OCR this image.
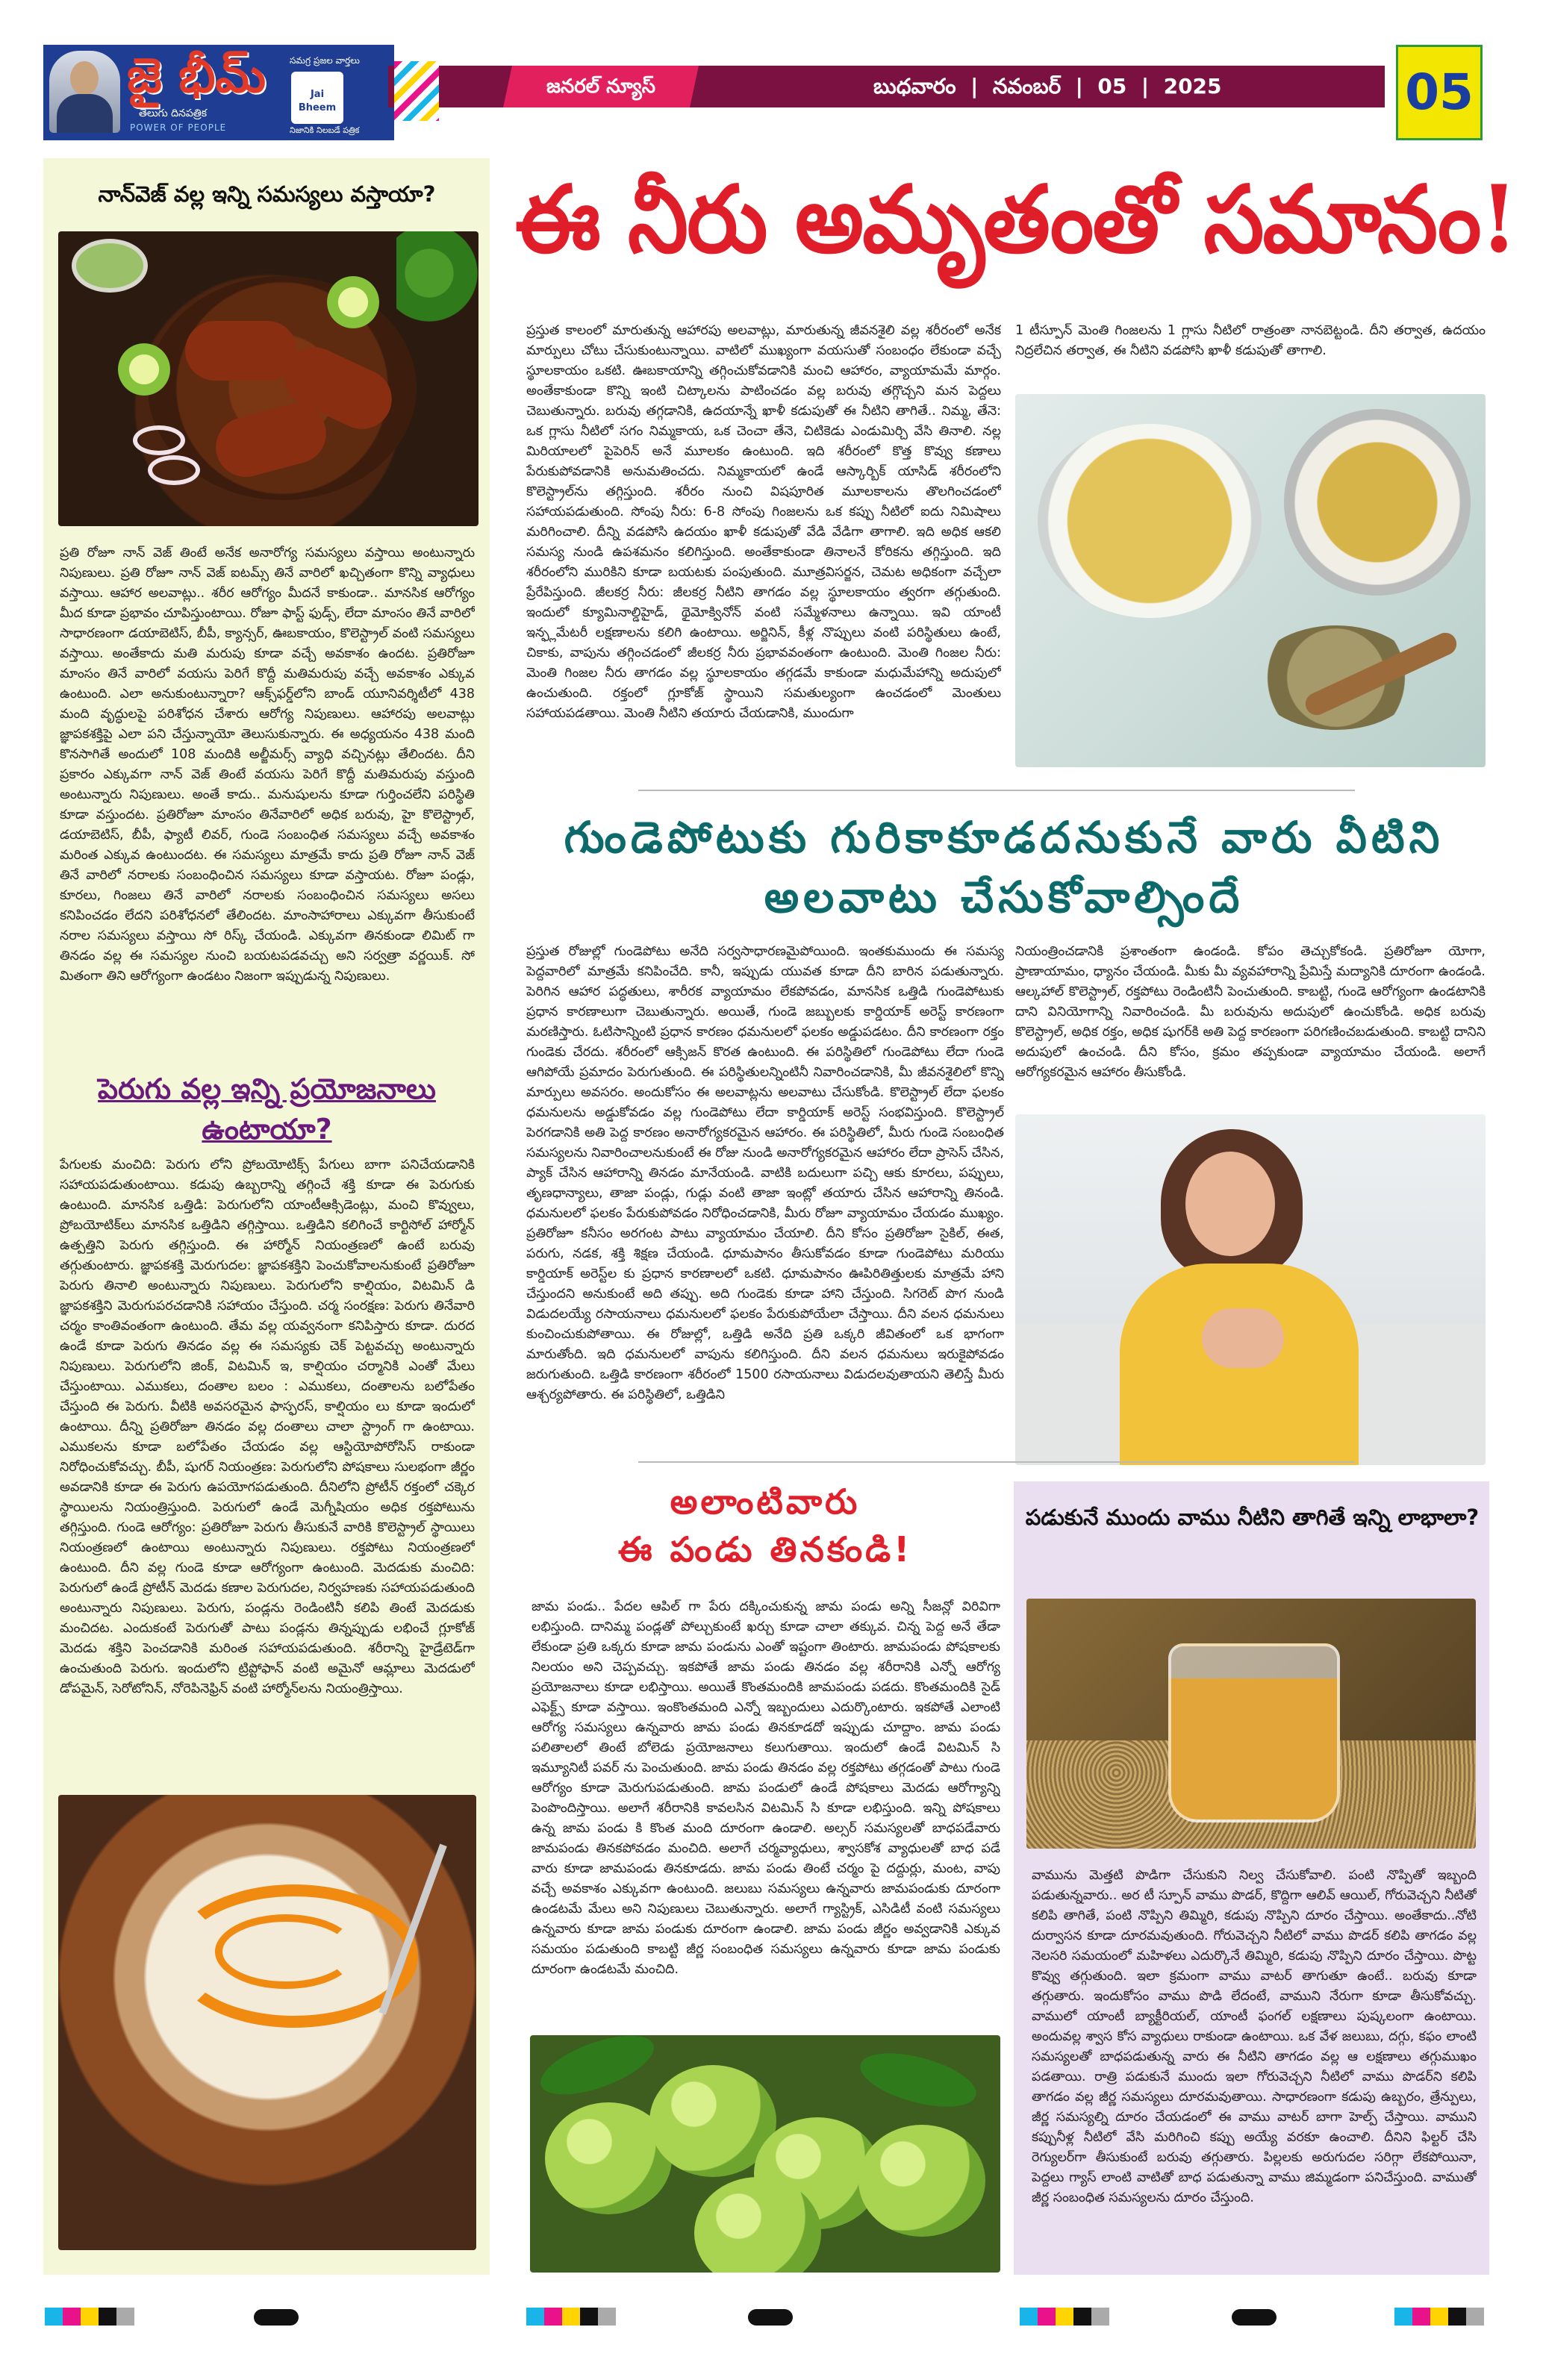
జై భీమ్	Jai Bheem
సమగ్ర ప్రజల వార్తలు
తెలుగు దినపత్రిక
POWER OF PEOPLE	నిజానికి నిలబడే పత్రిక
జనరల్ న్యూస్	బుధవారం  |  నవంబర్  |  05  |  2025	05
నాన్‌వెజ్ వల్ల ఇన్ని సమస్యలు వస్తాయా?

ప్రతి రోజూ నాన్ వెజ్ తింటే అనేక అనారోగ్య సమస్యలు వస్తాయి అంటున్నారు నిపుణులు. ప్రతి రోజూ నాన్ వెజ్ ఐటమ్స్ తినే వారిలో ఖచ్చితంగా కొన్ని వ్యాధులు వస్తాయి. ఆహార అలవాట్లు.. శరీర ఆరోగ్యం మీదనే కాకుండా.. మానసిక ఆరోగ్యం మీద కూడా ప్రభావం చూపిస్తుంటాయి. రోజూ ఫాస్ట్ ఫుడ్స్, లేదా మాంసం తినే వారిలో సాధారణంగా డయాబెటిస్, బీపీ, క్యాన్సర్, ఊబకాయం, కొలెస్ట్రాల్ వంటి సమస్యలు వస్తాయి. అంతేకాదు మతి మరుపు కూడా వచ్చే అవకాశం ఉందట. ప్రతిరోజూ మాంసం తినే వారిలో వయసు పెరిగే కొద్దీ మతిమరుపు వచ్చే అవకాశం ఎక్కువ ఉంటుంది. ఎలా అనుకుంటున్నారా? ఆక్స్‌ఫర్డ్‌లోని బాండ్ యూనివర్శిటీలో 438 మంది వృద్ధులపై పరిశోధన చేశారు ఆరోగ్య నిపుణులు. ఆహారపు అలవాట్లు జ్ఞాపకశక్తిపై ఎలా పని చేస్తున్నాయో తెలుసుకున్నారు. ఈ అధ్యయనం 438 మంది కొనసాగితే అందులో 108 మందికి అల్జీమర్స్ వ్యాధి వచ్చినట్లు తేలిందట. దీని ప్రకారం ఎక్కువగా నాన్ వెజ్ తింటే వయసు పెరిగే కొద్దీ మతిమరుపు వస్తుంది అంటున్నారు నిపుణులు. అంతే కాదు.. మనుషులను కూడా గుర్తించలేని పరిస్థితి కూడా వస్తుందట. ప్రతిరోజూ మాంసం తినేవారిలో అధిక బరువు, హై కొలెస్ట్రాల్, డయాబెటిస్, బీపీ, ఫ్యాటీ లివర్, గుండె సంబంధిత సమస్యలు వచ్చే అవకాశం మరింత ఎక్కువ ఉంటుందట. ఈ సమస్యలు మాత్రమే కాదు ప్రతి రోజూ నాన్ వెజ్ తినే వారిలో నరాలకు సంబంధించిన సమస్యలు కూడా వస్తాయట. రోజూ పండ్లు, కూరలు, గింజలు తినే వారిలో నరాలకు సంబంధించిన సమస్యలు అసలు కనిపించడం లేదని పరిశోధనలో తేలిందట. మాంసాహారాలు ఎక్కువగా తీసుకుంటే నరాల సమస్యలు వస్తాయి సో రిస్క్ చేయండి. ఎక్కువగా తినకుండా లిమిట్ గా తినడం వల్ల ఈ సమస్యల నుంచి బయటపడవచ్చు అని సర్వత్రా వర్ణయిక్. సో మితంగా తిని ఆరోగ్యంగా ఉండటం నిజంగా ఇప్పుడున్న నిపుణులు.

పెరుగు వల్ల ఇన్ని ప్రయోజనాలు ఉంటాయా?

పేగులకు మంచిది: పెరుగు లోని ప్రోబయోటిక్స్ పేగులు బాగా పనిచేయడానికి సహాయపడుతుంటాయి. కడుపు ఉబ్బరాన్ని తగ్గించే శక్తి కూడా ఈ పెరుగుకు ఉంటుంది. మానసిక ఒత్తిడి: పెరుగులోని యాంటీఆక్సిడెంట్లు, మంచి కొవ్వులు, ప్రోబయోటిక్‌లు మానసిక ఒత్తిడిని తగ్గిస్తాయి. ఒత్తిడిని కలిగించే కార్టిసోల్ హార్మోన్ ఉత్పత్తిని పెరుగు తగ్గిస్తుంది. ఈ హార్మోన్ నియంత్రణలో ఉంటే బరువు తగ్గుతుంటారు. జ్ఞాపకశక్తి మెరుగుదల: జ్ఞాపకశక్తిని పెంచుకోవాలనుకుంటే ప్రతిరోజూ పెరుగు తినాలి అంటున్నారు నిపుణులు. పెరుగులోని కాల్షియం, విటమిన్ డి జ్ఞాపకశక్తిని మెరుగుపరచడానికి సహాయం చేస్తుంది. చర్మ సంరక్షణ: పెరుగు తినేవారి చర్మం కాంతివంతంగా ఉంటుంది. తేమ వల్ల యవ్వనంగా కనిపిస్తారు కూడా. దురద ఉండే కూడా పెరుగు తినడం వల్ల ఈ సమస్యకు చెక్ పెట్టవచ్చు అంటున్నారు నిపుణులు. పెరుగులోని జింక్, విటమిన్ ఇ, కాల్షియం చర్మానికి ఎంతో మేలు చేస్తుంటాయి. ఎముకలు, దంతాల బలం : ఎముకలు, దంతాలను బలోపేతం చేస్తుంది ఈ పెరుగు. వీటికి అవసరమైన ఫాస్ఫరస్, కాల్షియం లు కూడా ఇందులో ఉంటాయి. దీన్ని ప్రతిరోజూ తినడం వల్ల దంతాలు చాలా స్ట్రాంగ్ గా ఉంటాయి. ఎముకలను కూడా బలోపేతం చేయడం వల్ల ఆస్టియోపోరోసిస్ రాకుండా నిరోధించుకోవచ్చు. బీపీ, షుగర్ నియంత్రణ: పెరుగులోని పోషకాలు సులభంగా జీర్ణం అవడానికి కూడా ఈ పెరుగు ఉపయోగపడుతుంది. దీనిలోని ప్రోటీన్ రక్తంలో చక్కెర స్థాయిలను నియంత్రిస్తుంది. పెరుగులో ఉండే మెగ్నీషియం అధిక రక్తపోటును తగ్గిస్తుంది. గుండె ఆరోగ్యం: ప్రతిరోజూ పెరుగు తీసుకునే వారికి కొలెస్ట్రాల్ స్థాయిలు నియంత్రణలో ఉంటాయి అంటున్నారు నిపుణులు. రక్తపోటు నియంత్రణలో ఉంటుంది. దీని వల్ల గుండె కూడా ఆరోగ్యంగా ఉంటుంది. మెదడుకు మంచిది: పెరుగులో ఉండే ప్రోటీన్ మెదడు కణాల పెరుగుదల, నిర్వహణకు సహాయపడుతుంది అంటున్నారు నిపుణులు. పెరుగు, పండ్లను రెండింటినీ కలిపి తింటే మెదడుకు మంచిదట. ఎందుకంటే పెరుగుతో పాటు పండ్లను తిన్నప్పుడు లభించే గ్లూకోజ్ మెదడు శక్తిని పెంచడానికి మరింత సహాయపడుతుంది. శరీరాన్ని హైడ్రేటెడ్‌గా ఉంచుతుంది పెరుగు. ఇందులోని ట్రిప్టోఫాన్ వంటి అమైనో ఆమ్లాలు మెదడులో డోపమైన్, సెరోటోనిన్, నోరెపినెఫ్రిన్ వంటి హార్మోన్‌లను నియంత్రిస్తాయి.

ఈ నీరు అమృతంతో సమానం!

ప్రస్తుత కాలంలో మారుతున్న ఆహారపు అలవాట్లు, మారుతున్న జీవనశైలి వల్ల శరీరంలో అనేక మార్పులు చోటు చేసుకుంటున్నాయి. వాటిలో ముఖ్యంగా వయసుతో సంబంధం లేకుండా వచ్చే స్థూలకాయం ఒకటి. ఊబకాయాన్ని తగ్గించుకోవడానికి మంచి ఆహారం, వ్యాయామమే మార్గం. అంతేకాకుండా కొన్ని ఇంటి చిట్కాలను పాటించడం వల్ల బరువు తగ్గొచ్చని మన పెద్దలు చెబుతున్నారు. బరువు తగ్గడానికి, ఉదయాన్నే ఖాళీ కడుపుతో ఈ నీటిని తాగితే.. నిమ్మ, తేనె: ఒక గ్లాసు నీటిలో సగం నిమ్మకాయ, ఒక చెంచా తేనె, చిటికెడు ఎండుమిర్చి వేసి తినాలి. నల్ల మిరియాలలో పైపెరిన్ అనే మూలకం ఉంటుంది. ఇది శరీరంలో కొత్త కొవ్వు కణాలు పేరుకుపోవడానికి అనుమతించదు. నిమ్మకాయలో ఉండే ఆస్కార్బిక్ యాసిడ్ శరీరంలోని కొలెస్ట్రాల్‌ను తగ్గిస్తుంది. శరీరం నుంచి విషపూరిత మూలకాలను తొలగించడంలో సహాయపడుతుంది. సోంపు నీరు: 6-8 సోంపు గింజలను ఒక కప్పు నీటిలో ఐదు నిమిషాలు మరిగించాలి. దీన్ని వడపోసి ఉదయం ఖాళీ కడుపుతో వేడి వేడిగా తాగాలి. ఇది అధిక ఆకలి సమస్య నుండి ఉపశమనం కలిగిస్తుంది. అంతేకాకుండా తినాలనే కోరికను తగ్గిస్తుంది. ఇది శరీరంలోని మురికిని కూడా బయటకు పంపుతుంది. మూత్రవిసర్జన, చెమట అధికంగా వచ్చేలా ప్రేరేపిస్తుంది. జీలకర్ర నీరు: జీలకర్ర నీటిని తాగడం వల్ల స్థూలకాయం త్వరగా తగ్గుతుంది. ఇందులో క్యూమినాల్డిహైడ్, థైమోక్వినోన్ వంటి సమ్మేళనాలు ఉన్నాయి. ఇవి యాంటీ ఇన్ఫ్లమేటరీ లక్షణాలను కలిగి ఉంటాయి. అర్జినిన్, కీళ్ల నొప్పులు వంటి పరిస్థితులు ఉంటే, చికాకు, వాపును తగ్గించడంలో జీలకర్ర నీరు ప్రభావవంతంగా ఉంటుంది. మెంతి గింజల నీరు: మెంతి గింజల నీరు తాగడం వల్ల స్థూలకాయం తగ్గడమే కాకుండా మధుమేహాన్ని అదుపులో ఉంచుతుంది. రక్తంలో గ్లూకోజ్ స్థాయిని సమతుల్యంగా ఉంచడంలో మెంతులు సహాయపడతాయి. మెంతి నీటిని తయారు చేయడానికి, ముందుగా

1 టీస్పూన్ మెంతి గింజలను 1 గ్లాసు నీటిలో రాత్రంతా నానబెట్టండి. దీని తర్వాత, ఉదయం నిద్రలేచిన తర్వాత, ఈ నీటిని వడపోసి ఖాళీ కడుపుతో తాగాలి.

గుండెపోటుకు గురికాకూడదనుకునే వారు వీటిని అలవాటు చేసుకోవాల్సిందే

ప్రస్తుత రోజుల్లో గుండెపోటు అనేది సర్వసాధారణమైపోయింది. ఇంతకుముందు ఈ సమస్య పెద్దవారిలో మాత్రమే కనిపించేది. కానీ, ఇప్పుడు యువత కూడా దీని బారిన పడుతున్నారు. పెరిగిన ఆహార పద్ధతులు, శారీరక వ్యాయామం లేకపోవడం, మానసిక ఒత్తిడి గుండెపోటుకు ప్రధాన కారణాలుగా చెబుతున్నారు. అయితే, గుండె జబ్బులకు కార్డియాక్ అరెస్ట్ కారణంగా మరణిస్తారు. ఓటిసాన్నింటి ప్రధాన కారణం ధమనులలో ఫలకం అడ్డుపడటం. దీని కారణంగా రక్తం గుండెకు చేరదు. శరీరంలో ఆక్సిజన్ కొరత ఉంటుంది. ఈ పరిస్థితిలో గుండెపోటు లేదా గుండె ఆగిపోయే ప్రమాదం పెరుగుతుంది. ఈ పరిస్థితులన్నింటినీ నివారించడానికి, మీ జీవనశైలిలో కొన్ని మార్పులు అవసరం. అందుకోసం ఈ అలవాట్లను అలవాటు చేసుకోండి. కొలెస్ట్రాల్ లేదా ఫలకం ధమనులను అడ్డుకోవడం వల్ల గుండెపోటు లేదా కార్డియాక్ అరెస్ట్ సంభవిస్తుంది. కొలెస్ట్రాల్ పెరగడానికి అతి పెద్ద కారణం అనారోగ్యకరమైన ఆహారం. ఈ పరిస్థితిలో, మీరు గుండె సంబంధిత సమస్యలను నివారించాలనుకుంటే ఈ రోజు నుండి అనారోగ్యకరమైన ఆహారం లేదా ప్రాసెస్ చేసిన, ప్యాక్ చేసిన ఆహారాన్ని తినడం మానేయండి. వాటికి బదులుగా పచ్చి ఆకు కూరలు, పప్పులు, తృణధాన్యాలు, తాజా పండ్లు, గుడ్లు వంటి తాజా ఇంట్లో తయారు చేసిన ఆహారాన్ని తినండి. ధమనులలో ఫలకం పేరుకుపోవడం నిరోధించడానికి, మీరు రోజూ వ్యాయామం చేయడం ముఖ్యం. ప్రతిరోజూ కనీసం అరగంట పాటు వ్యాయామం చేయాలి. దీని కోసం ప్రతిరోజూ సైకిల్, ఈత, పరుగు, నడక, శక్తి శిక్షణ చేయండి. ధూమపానం తీసుకోవడం కూడా గుండెపోటు మరియు కార్డియాక్ అరెస్ట్‌ల కు ప్రధాన కారణాలలో ఒకటి. ధూమపానం ఊపిరితిత్తులకు మాత్రమే హాని చేస్తుందని అనుకుంటే అది తప్పు. అది గుండెకు కూడా హాని చేస్తుంది. సిగరెట్ పొగ నుండి విడుదలయ్యే రసాయనాలు ధమనులలో ఫలకం పేరుకుపోయేలా చేస్తాయి. దీని వలన ధమనులు కుంచించుకుపోతాయి. ఈ రోజుల్లో, ఒత్తిడి అనేది ప్రతి ఒక్కరి జీవితంలో ఒక భాగంగా మారుతోంది. ఇది ధమనులలో వాపును కలిగిస్తుంది. దీని వలన ధమనులు ఇరుకైపోవడం జరుగుతుంది. ఒత్తిడి కారణంగా శరీరంలో 1500 రసాయనాలు విడుదలవుతాయని తెలిస్తే మీరు ఆశ్చర్యపోతారు. ఈ పరిస్థితిలో, ఒత్తిడిని

నియంత్రించడానికి ప్రశాంతంగా ఉండండి. కోపం తెచ్చుకోకండి. ప్రతిరోజూ యోగా, ప్రాణాయామం, ధ్యానం చేయండి. మీకు మీ వ్యవహారాన్ని ప్రేమిస్తే మద్యానికి దూరంగా ఉండండి. ఆల్కహాల్ కొలెస్ట్రాల్, రక్తపోటు రెండింటినీ పెంచుతుంది. కాబట్టి, గుండె ఆరోగ్యంగా ఉండటానికి దాని వినియోగాన్ని నివారించండి. మీ బరువును అదుపులో ఉంచుకోండి. అధిక బరువు కొలెస్ట్రాల్, అధిక రక్తం, అధిక షుగర్‌కి అతి పెద్ద కారణంగా పరిగణించబడుతుంది. కాబట్టి దానిని అదుపులో ఉంచండి. దీని కోసం, క్రమం తప్పకుండా వ్యాయామం చేయండి. అలాగే ఆరోగ్యకరమైన ఆహారం తీసుకోండి.

అలాంటివారు
ఈ పండు తినకండి!

జామ పండు.. పేదల ఆపిల్ గా పేరు దక్కించుకున్న జామ పండు అన్ని సీజన్లో విరివిగా లభిస్తుంది. దానిమ్మ పండ్లతో పోల్చుకుంటే ఖర్చు కూడా చాలా తక్కువ. చిన్న పెద్ద అనే తేడా లేకుండా ప్రతి ఒక్కరు కూడా జామ పండును ఎంతో ఇష్టంగా తింటారు. జామపండు పోషకాలకు నిలయం అని చెప్పవచ్చు. ఇకపోతే జామ పండు తినడం వల్ల శరీరానికి ఎన్నో ఆరోగ్య ప్రయోజనాలు కూడా లభిస్తాయి. అయితే కొంతమందికి జామపండు పడదు. కొంతమందికి సైడ్ ఎఫెక్ట్స్ కూడా వస్తాయి. ఇంకొంతమంది ఎన్నో ఇబ్బందులు ఎదుర్కొంటారు. ఇకపోతే ఎలాంటి ఆరోగ్య సమస్యలు ఉన్నవారు జామ పండు తినకూడదో ఇప్పుడు చూద్దాం. జామ పండు పలితాలలో తింటే బోలెడు ప్రయోజనాలు కలుగుతాయి. ఇందులో ఉండే విటమిన్ సి ఇమ్యూనిటీ పవర్ ను పెంచుతుంది. జామ పండు తినడం వల్ల రక్తపోటు తగ్గడంతో పాటు గుండె ఆరోగ్యం కూడా మెరుగుపడుతుంది. జామ పండులో ఉండే పోషకాలు మెదడు ఆరోగ్యాన్ని పెంపొందిస్తాయి. అలాగే శరీరానికి కావలసిన విటమిన్ సి కూడా లభిస్తుంది. ఇన్ని పోషకాలు ఉన్న జామ పండు కి కొంత మంది దూరంగా ఉండాలి. అల్సర్ సమస్యలతో బాధపడేవారు జామపండు తినకపోవడం మంచిది. అలాగే చర్మవ్యాధులు, శ్వాసకోశ వ్యాధులతో బాధ పడే వారు కూడా జామపండు తినకూడదు. జామ పండు తింటే చర్మం పై దద్దుర్లు, మంట, వాపు వచ్చే అవకాశం ఎక్కువగా ఉంటుంది. జలుబు సమస్యలు ఉన్నవారు జామపండుకు దూరంగా ఉండటమే మేలు అని నిపుణులు చెబుతున్నారు. అలాగే గ్యాస్ట్రిక్, ఎసిడిటీ వంటి సమస్యలు ఉన్నవారు కూడా జామ పండుకు దూరంగా ఉండాలి. జామ పండు జీర్ణం అవ్వడానికి ఎక్కువ సమయం పడుతుంది కాబట్టి జీర్ణ సంబంధిత సమస్యలు ఉన్నవారు కూడా జామ పండుకు దూరంగా ఉండటమే మంచిది.

పడుకునే ముందు వాము నీటిని తాగితే ఇన్ని లాభాలా?

వామును మెత్తటి పొడిగా చేసుకుని నిల్వ చేసుకోవాలి. పంటి నొప్పితో ఇబ్బంది పడుతున్నవారు.. అర టీ స్పూన్ వాము పొడర్, కొద్దిగా ఆలివ్ ఆయిల్, గోరువెచ్చని నీటితో కలిపి తాగితే, పంటి నొప్పిని తిమ్మిరి, కడుపు నొప్పిని దూరం చేస్తాయి. అంతేకాదు..నోటి దుర్వాసన కూడా దూరమవుతుంది. గోరువెచ్చని నీటిలో వాము పొడర్ కలిపి తాగడం వల్ల నెలసరి సమయంలో మహిళలు ఎదుర్కొనే తిమ్మిరి, కడుపు నొప్పిని దూరం చేస్తాయి. పొట్ట కొవ్వు తగ్గుతుంది. ఇలా క్రమంగా వాము వాటర్ తాగుతూ ఉంటే.. బరువు కూడా తగ్గుతారు. ఇందుకోసం వాము పొడి లేదంటే, వాముని నేరుగా కూడా తీసుకోవచ్చు. వాములో యాంటీ బ్యాక్టీరియల్, యాంటీ ఫంగల్ లక్షణాలు పుష్కలంగా ఉంటాయి. అందువల్ల శ్వాస కోస వ్యాధులు రాకుండా ఉంటాయి. ఒక వేళ జలుబు, దగ్గు, కఫం లాంటి సమస్యలతో బాధపడుతున్న వారు ఈ నీటిని తాగడం వల్ల ఆ లక్షణాలు తగ్గుముఖం పడతాయి. రాత్రి పడుకునే ముందు ఇలా గోరువెచ్చని నీటిలో వాము పొడర్‌ని కలిపి తాగడం వల్ల జీర్ణ సమస్యలు దూరమవుతాయి. సాధారణంగా కడుపు ఉబ్బరం, త్రేన్పులు, జీర్ణ సమస్యల్ని దూరం చేయడంలో ఈ వాము వాటర్ బాగా హెల్ప్ చేస్తాయి. వాముని కప్పునీళ్ల నీటిలో వేసి మరిగించి కప్పు అయ్యే వరకూ ఉంచాలి. దీనిని ఫిల్టర్ చేసి రెగ్యులర్‌గా తీసుకుంటే బరువు తగ్గుతారు. పిల్లలకు అరుగుదల సరిగ్గా లేకపోయినా, పెద్దలు గ్యాస్ లాంటి వాటితో బాధ పడుతున్నా వాము జిమ్మడంగా పనిచేస్తుంది. వాముతో జీర్ణ సంబంధిత సమస్యలను దూరం చేస్తుంది.
